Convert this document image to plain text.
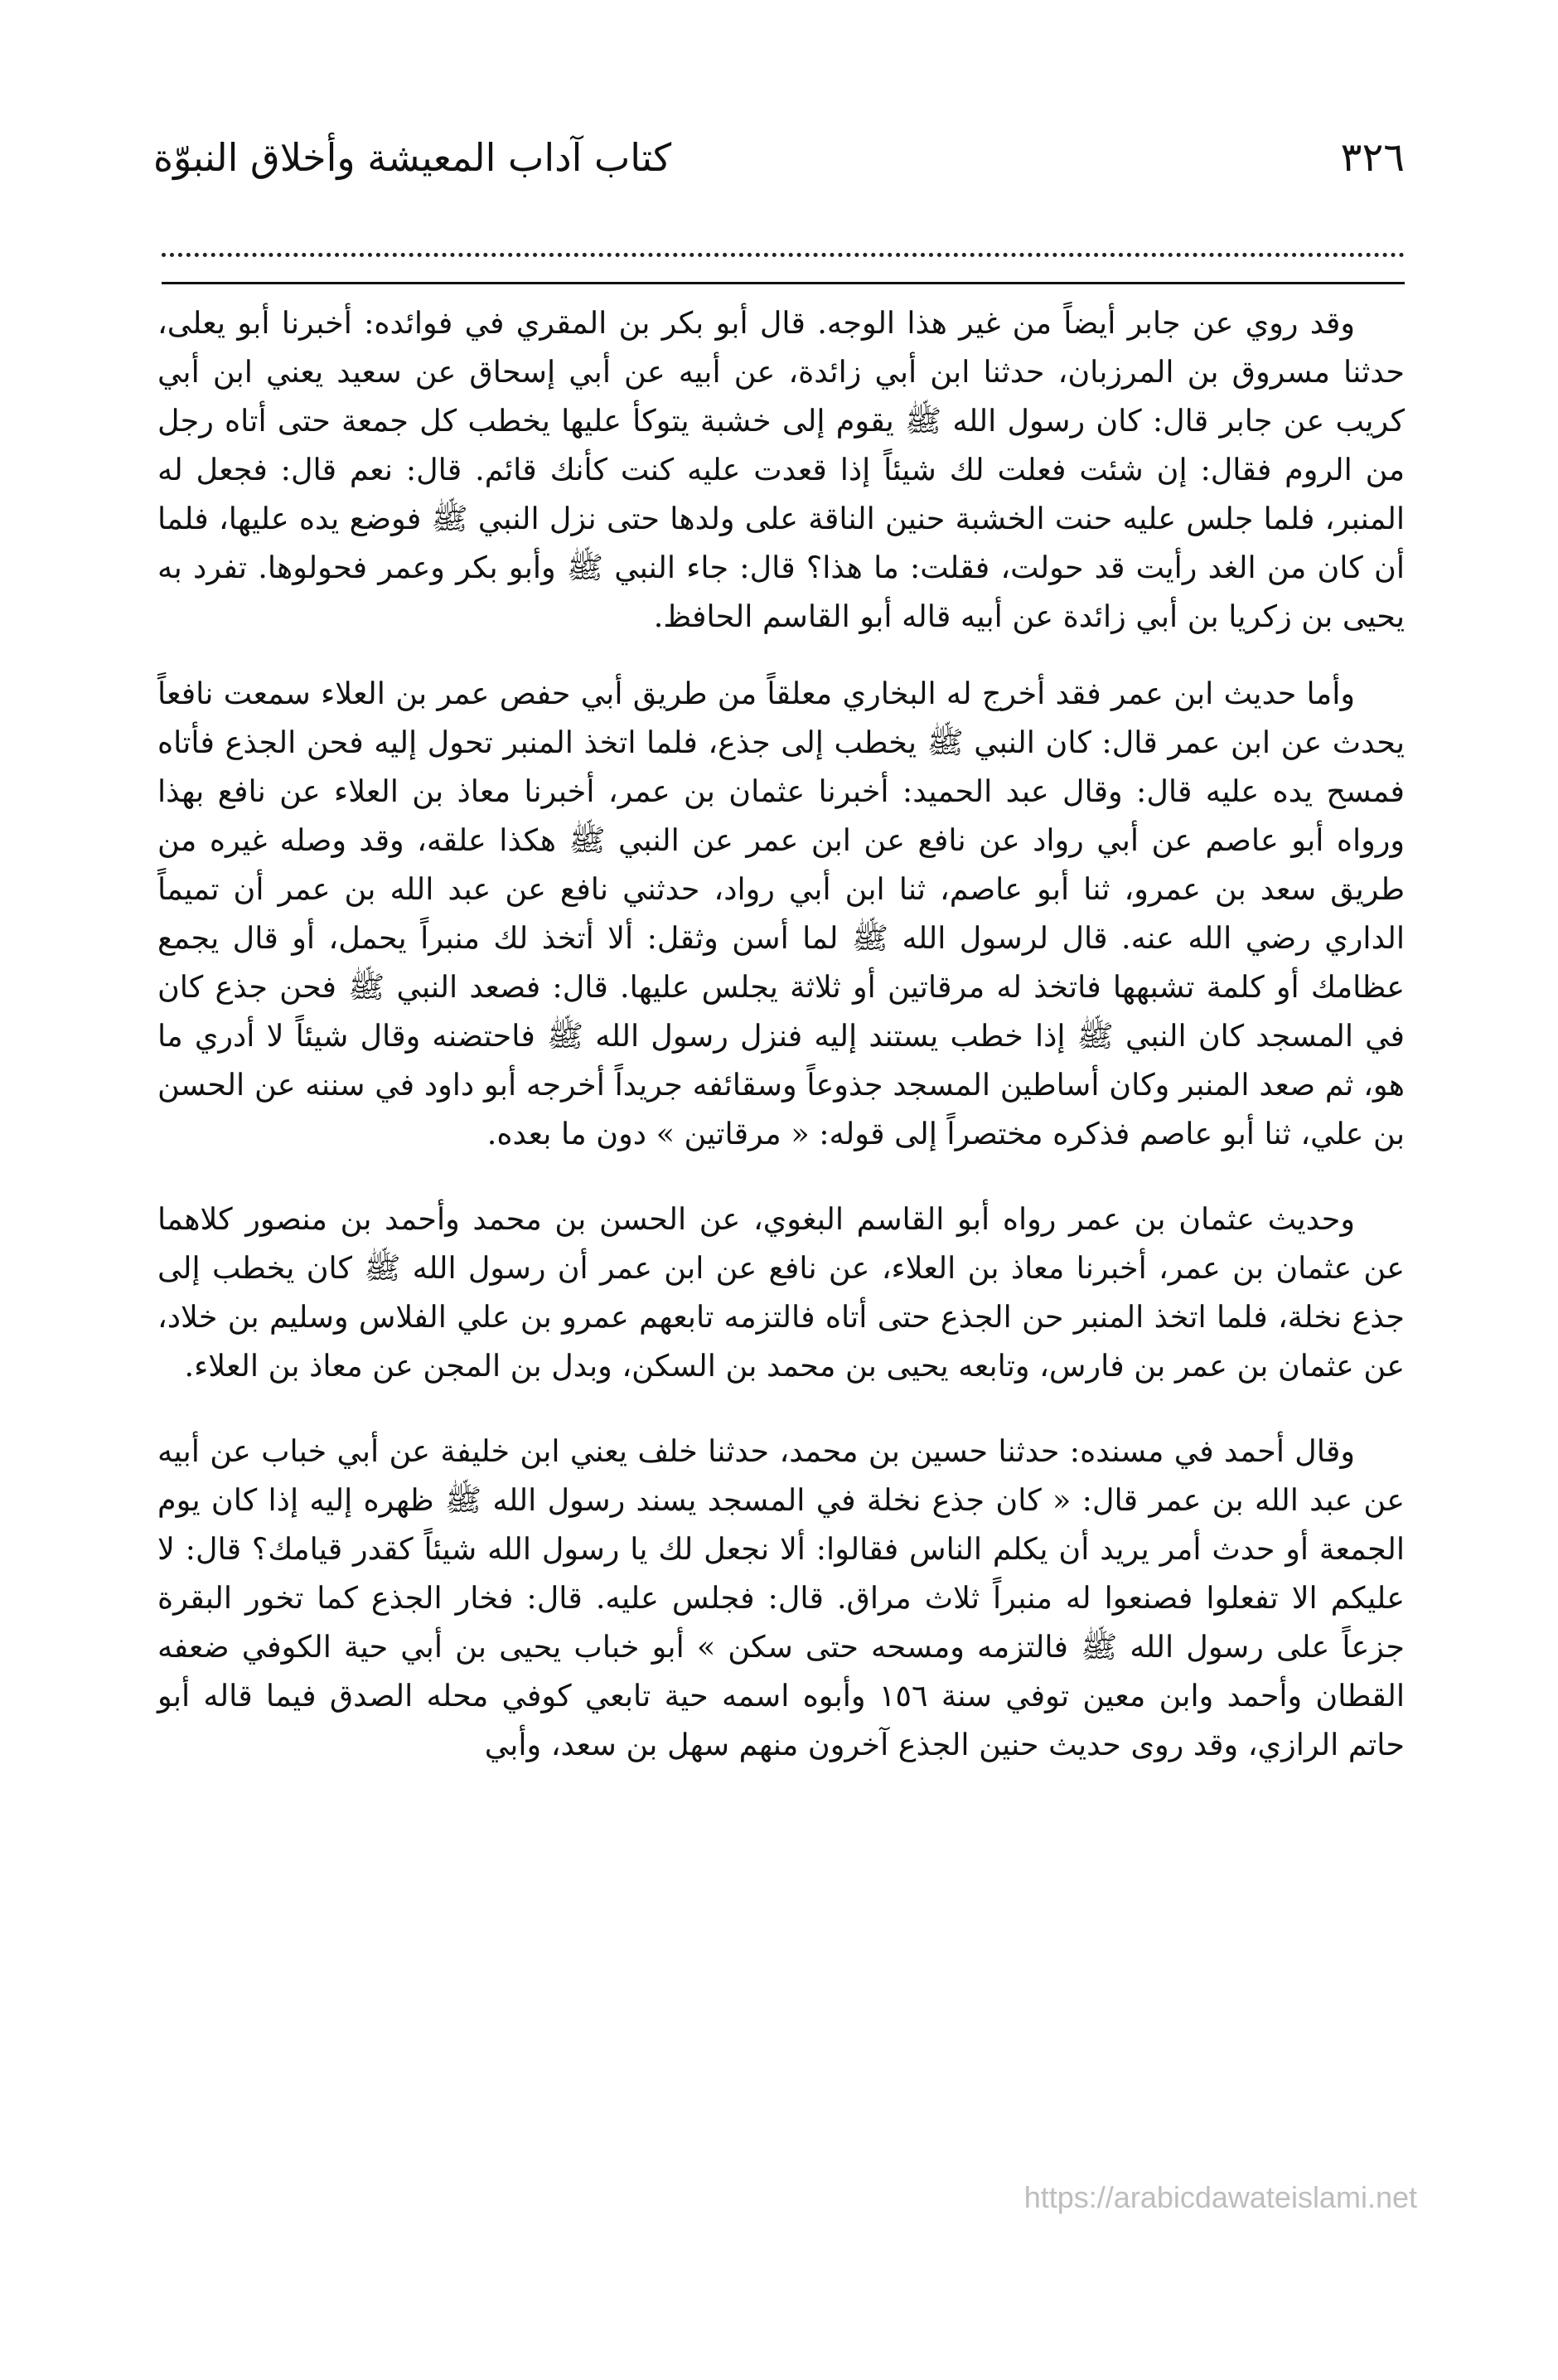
٣٢٦
كتاب آداب المعيشة وأخلاق النبوّة

وقد روي عن جابر أيضاً من غير هذا الوجه. قال أبو بكر بن المقري في فوائده: أخبرنا أبو يعلى، حدثنا مسروق بن المرزبان، حدثنا ابن أبي زائدة، عن أبيه عن أبي إسحاق عن سعيد يعني ابن أبي كريب عن جابر قال: كان رسول الله ﷺ يقوم إلى خشبة يتوكأ عليها يخطب كل جمعة حتى أتاه رجل من الروم فقال: إن شئت فعلت لك شيئاً إذا قعدت عليه كنت كأنك قائم. قال: نعم قال: فجعل له المنبر، فلما جلس عليه حنت الخشبة حنين الناقة على ولدها حتى نزل النبي ﷺ فوضع يده عليها، فلما أن كان من الغد رأيت قد حولت، فقلت: ما هذا؟ قال: جاء النبي ﷺ وأبو بكر وعمر فحولوها. تفرد به يحيى بن زكريا بن أبي زائدة عن أبيه قاله أبو القاسم الحافظ.

وأما حديث ابن عمر فقد أخرج له البخاري معلقاً من طريق أبي حفص عمر بن العلاء سمعت نافعاً يحدث عن ابن عمر قال: كان النبي ﷺ يخطب إلى جذع، فلما اتخذ المنبر تحول إليه فحن الجذع فأتاه فمسح يده عليه قال: وقال عبد الحميد: أخبرنا عثمان بن عمر، أخبرنا معاذ بن العلاء عن نافع بهذا ورواه أبو عاصم عن أبي رواد عن نافع عن ابن عمر عن النبي ﷺ هكذا علقه، وقد وصله غيره من طريق سعد بن عمرو، ثنا أبو عاصم، ثنا ابن أبي رواد، حدثني نافع عن عبد الله بن عمر أن تميماً الداري رضي الله عنه. قال لرسول الله ﷺ لما أسن وثقل: ألا أتخذ لك منبراً يحمل، أو قال يجمع عظامك أو كلمة تشبهها فاتخذ له مرقاتين أو ثلاثة يجلس عليها. قال: فصعد النبي ﷺ فحن جذع كان في المسجد كان النبي ﷺ إذا خطب يستند إليه فنزل رسول الله ﷺ فاحتضنه وقال شيئاً لا أدري ما هو، ثم صعد المنبر وكان أساطين المسجد جذوعاً وسقائفه جريداً أخرجه أبو داود في سننه عن الحسن بن علي، ثنا أبو عاصم فذكره مختصراً إلى قوله: « مرقاتين » دون ما بعده.

وحديث عثمان بن عمر رواه أبو القاسم البغوي، عن الحسن بن محمد وأحمد بن منصور كلاهما عن عثمان بن عمر، أخبرنا معاذ بن العلاء، عن نافع عن ابن عمر أن رسول الله ﷺ كان يخطب إلى جذع نخلة، فلما اتخذ المنبر حن الجذع حتى أتاه فالتزمه تابعهم عمرو بن علي الفلاس وسليم بن خلاد، عن عثمان بن عمر بن فارس، وتابعه يحيى بن محمد بن السكن، وبدل بن المجن عن معاذ بن العلاء.

وقال أحمد في مسنده: حدثنا حسين بن محمد، حدثنا خلف يعني ابن خليفة عن أبي خباب عن أبيه عن عبد الله بن عمر قال: « كان جذع نخلة في المسجد يسند رسول الله ﷺ ظهره إليه إذا كان يوم الجمعة أو حدث أمر يريد أن يكلم الناس فقالوا: ألا نجعل لك يا رسول الله شيئاً كقدر قيامك؟ قال: لا عليكم الا تفعلوا فصنعوا له منبراً ثلاث مراق. قال: فجلس عليه. قال: فخار الجذع كما تخور البقرة جزعاً على رسول الله ﷺ فالتزمه ومسحه حتى سكن » أبو خباب يحيى بن أبي حية الكوفي ضعفه القطان وأحمد وابن معين توفي سنة ١٥٦ وأبوه اسمه حية تابعي كوفي محله الصدق فيما قاله أبو حاتم الرازي، وقد روى حديث حنين الجذع آخرون منهم سهل بن سعد، وأبي

https://arabicdawateislami.net
